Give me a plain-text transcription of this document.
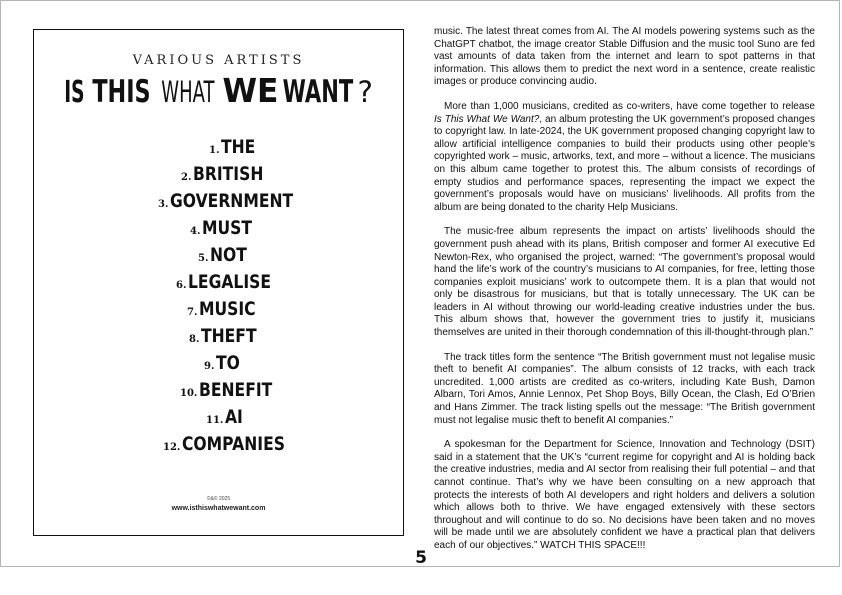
VARIOUS ARTISTS
IS THIS WHAT WE WANT ?
1. THE
2. BRITISH
3. GOVERNMENT
4. MUST
5. NOT
6. LEGALISE
7. MUSIC
8. THEFT
9. TO
10. BENEFIT
11. AI
12. COMPANIES
©&© 2025
www.isthiswhatwewant.com

music. The latest threat comes from AI. The AI models powering systems such as the ChatGPT chatbot, the image creator Stable Diffusion and the music tool Suno are fed vast amounts of data taken from the internet and learn to spot patterns in that information. This allows them to predict the next word in a sentence, create realistic images or produce convincing audio.

More than 1,000 musicians, credited as co-writers, have come together to release Is This What We Want?, an album protesting the UK government’s proposed changes to copyright law. In late-2024, the UK government proposed changing copyright law to allow artificial intelligence companies to build their products using other people’s copyrighted work – music, artworks, text, and more – without a licence. The musicians on this album came together to protest this. The album consists of recordings of empty studios and performance spaces, representing the impact we expect the government’s proposals would have on musicians’ livelihoods. All profits from the album are being donated to the charity Help Musicians.

The music-free album represents the impact on artists’ livelihoods should the government push ahead with its plans, British composer and former AI executive Ed Newton-Rex, who organised the project, warned: “The government’s proposal would hand the life’s work of the country’s musicians to AI companies, for free, letting those companies exploit musicians’ work to outcompete them. It is a plan that would not only be disastrous for musicians, but that is totally unnecessary. The UK can be leaders in AI without throwing our world-leading creative industries under the bus. This album shows that, however the government tries to justify it, musicians themselves are united in their thorough condemnation of this ill-thought-through plan.”

The track titles form the sentence “The British government must not legalise music theft to benefit AI companies”. The album consists of 12 tracks, with each track uncredited. 1,000 artists are credited as co-writers, including Kate Bush, Damon Albarn, Tori Amos, Annie Lennox, Pet Shop Boys, Billy Ocean, the Clash, Ed O’Brien and Hans Zimmer. The track listing spells out the message: “The British government must not legalise music theft to benefit AI companies.”

A spokesman for the Department for Science, Innovation and Technology (DSIT) said in a statement that the UK’s “current regime for copyright and AI is holding back the creative industries, media and AI sector from realising their full potential – and that cannot continue. That’s why we have been consulting on a new approach that protects the interests of both AI developers and right holders and delivers a solution which allows both to thrive. We have engaged extensively with these sectors throughout and will continue to do so. No decisions have been taken and no moves will be made until we are absolutely confident we have a practical plan that delivers each of our objectives.” WATCH THIS SPACE!!!

5
